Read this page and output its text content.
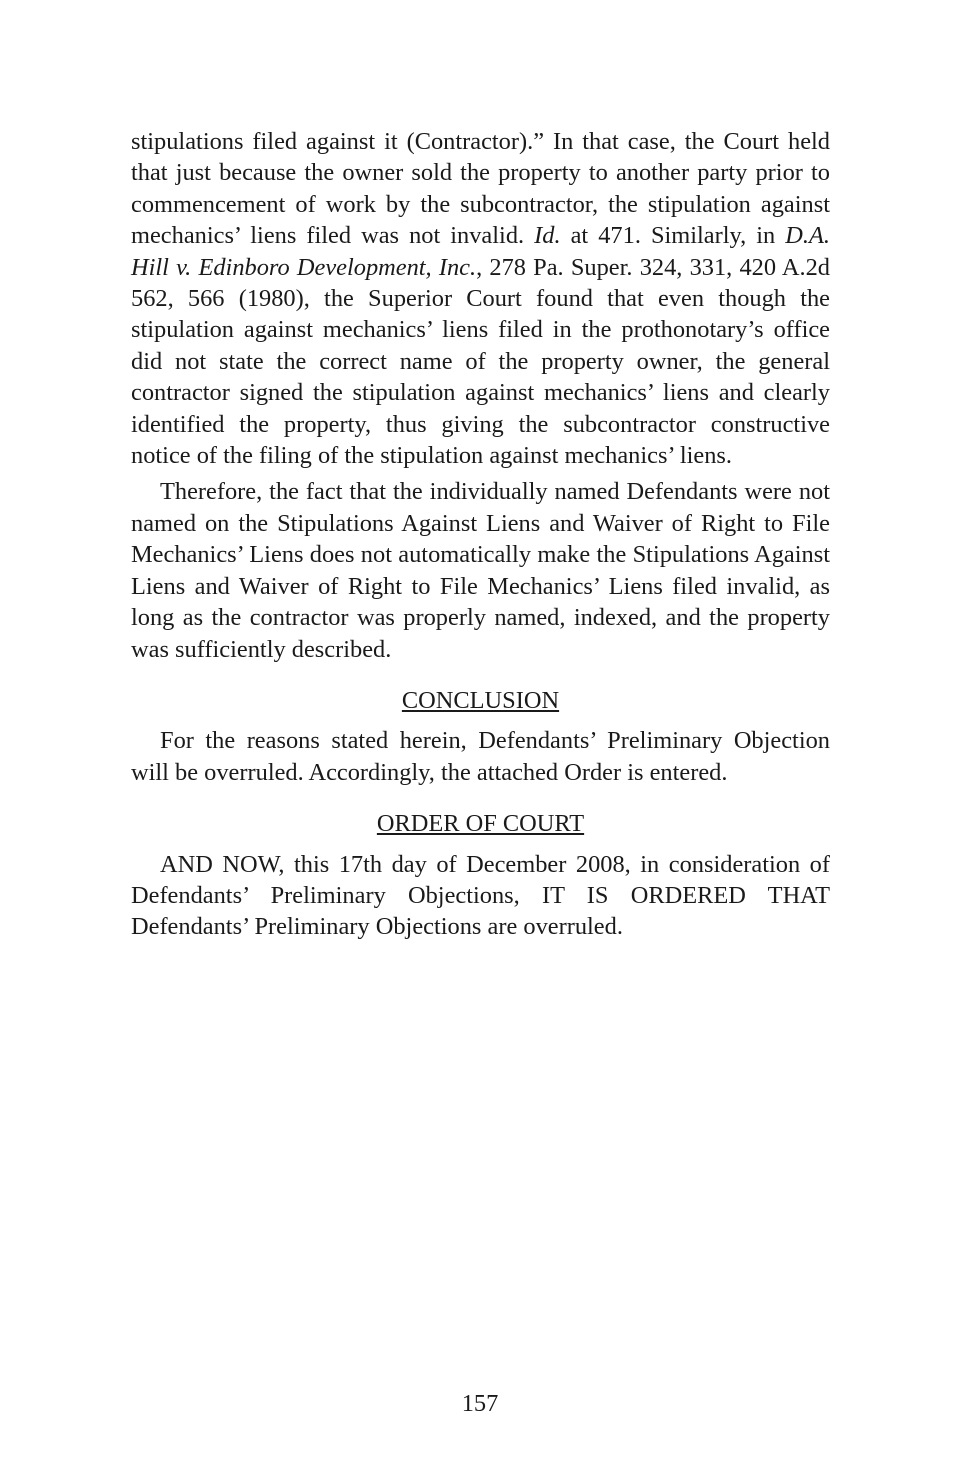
stipulations filed against it (Contractor).” In that case, the Court held that just because the owner sold the property to another party prior to commencement of work by the subcontractor, the stipulation against mechanics’ liens filed was not invalid. Id. at 471. Similarly, in D.A. Hill v. Edinboro Development, Inc., 278 Pa. Super. 324, 331, 420 A.2d 562, 566 (1980), the Superior Court found that even though the stipulation against mechanics’ liens filed in the prothonotary’s office did not state the correct name of the property owner, the general contractor signed the stipulation against mechanics’ liens and clearly identified the property, thus giving the subcontractor constructive notice of the filing of the stipulation against mechanics’ liens.

Therefore, the fact that the individually named Defendants were not named on the Stipulations Against Liens and Waiver of Right to File Mechanics’ Liens does not automatically make the Stipulations Against Liens and Waiver of Right to File Mechanics’ Liens filed invalid, as long as the contractor was properly named, indexed, and the property was sufficiently described.

CONCLUSION

For the reasons stated herein, Defendants’ Preliminary Objection will be overruled. Accordingly, the attached Order is entered.

ORDER OF COURT

AND NOW, this 17th day of December 2008, in consideration of Defendants’ Preliminary Objections, IT IS ORDERED THAT Defendants’ Preliminary Objections are overruled.

157
